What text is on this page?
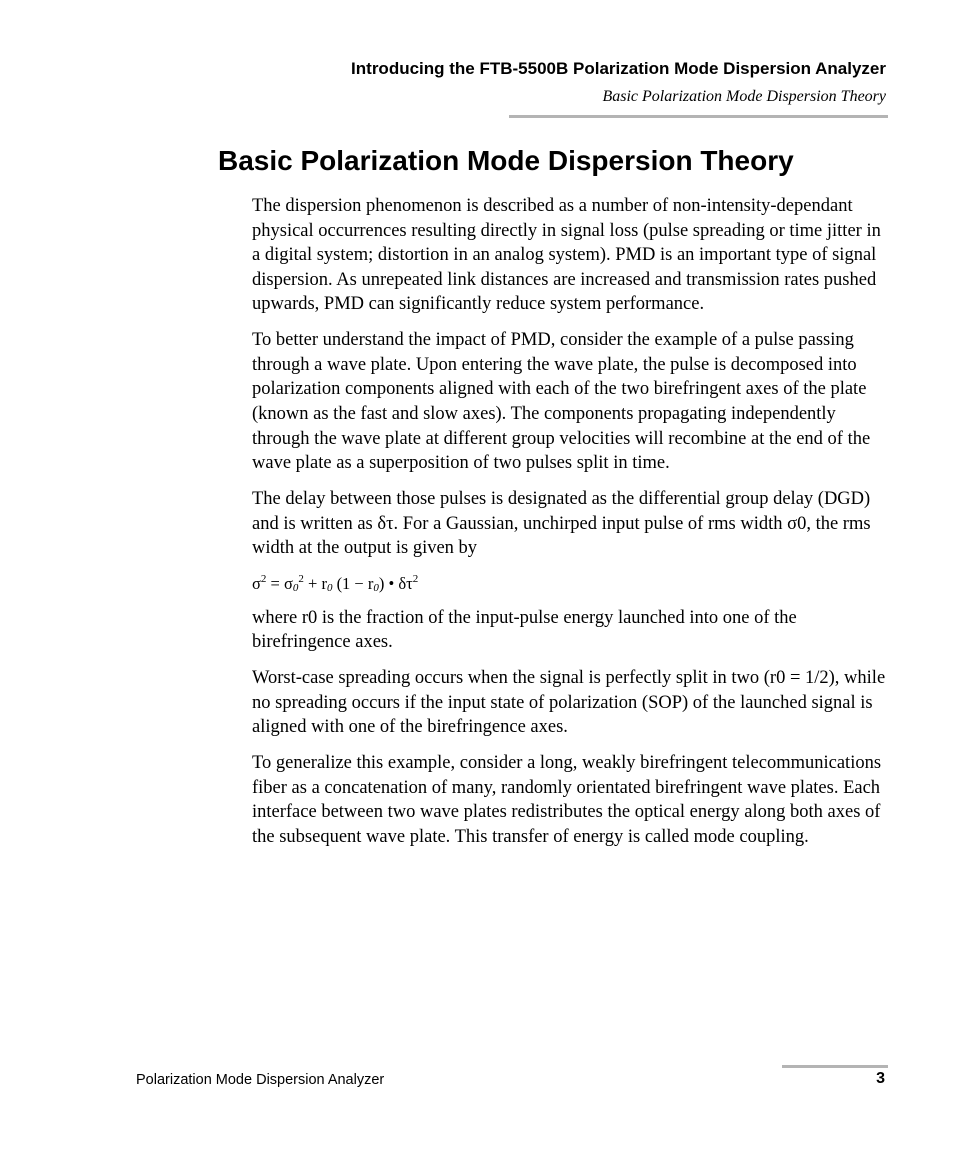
Introducing the FTB-5500B Polarization Mode Dispersion Analyzer
Basic Polarization Mode Dispersion Theory
Basic Polarization Mode Dispersion Theory

The dispersion phenomenon is described as a number of non-intensity-dependant physical occurrences resulting directly in signal loss (pulse spreading or time jitter in a digital system; distortion in an analog system). PMD is an important type of signal dispersion. As unrepeated link distances are increased and transmission rates pushed upwards, PMD can significantly reduce system performance.

To better understand the impact of PMD, consider the example of a pulse passing through a wave plate. Upon entering the wave plate, the pulse is decomposed into polarization components aligned with each of the two birefringent axes of the plate (known as the fast and slow axes). The components propagating independently through the wave plate at different group velocities will recombine at the end of the wave plate as a superposition of two pulses split in time.

The delay between those pulses is designated as the differential group delay (DGD) and is written as δτ. For a Gaussian, unchirped input pulse of rms width σ0, the rms width at the output is given by

$\sigma^2 = \sigma_0^2 + r_0$ $(1 - r_0)$ • $\delta\tau^2$

where r0 is the fraction of the input-pulse energy launched into one of the birefringence axes.

Worst-case spreading occurs when the signal is perfectly split in two (r0 = 1/2), while no spreading occurs if the input state of polarization (SOP) of the launched signal is aligned with one of the birefringence axes.

To generalize this example, consider a long, weakly birefringent telecommunications fiber as a concatenation of many, randomly orientated birefringent wave plates. Each interface between two wave plates redistributes the optical energy along both axes of the subsequent wave plate. This transfer of energy is called mode coupling.

Polarization Mode Dispersion Analyzer	3
